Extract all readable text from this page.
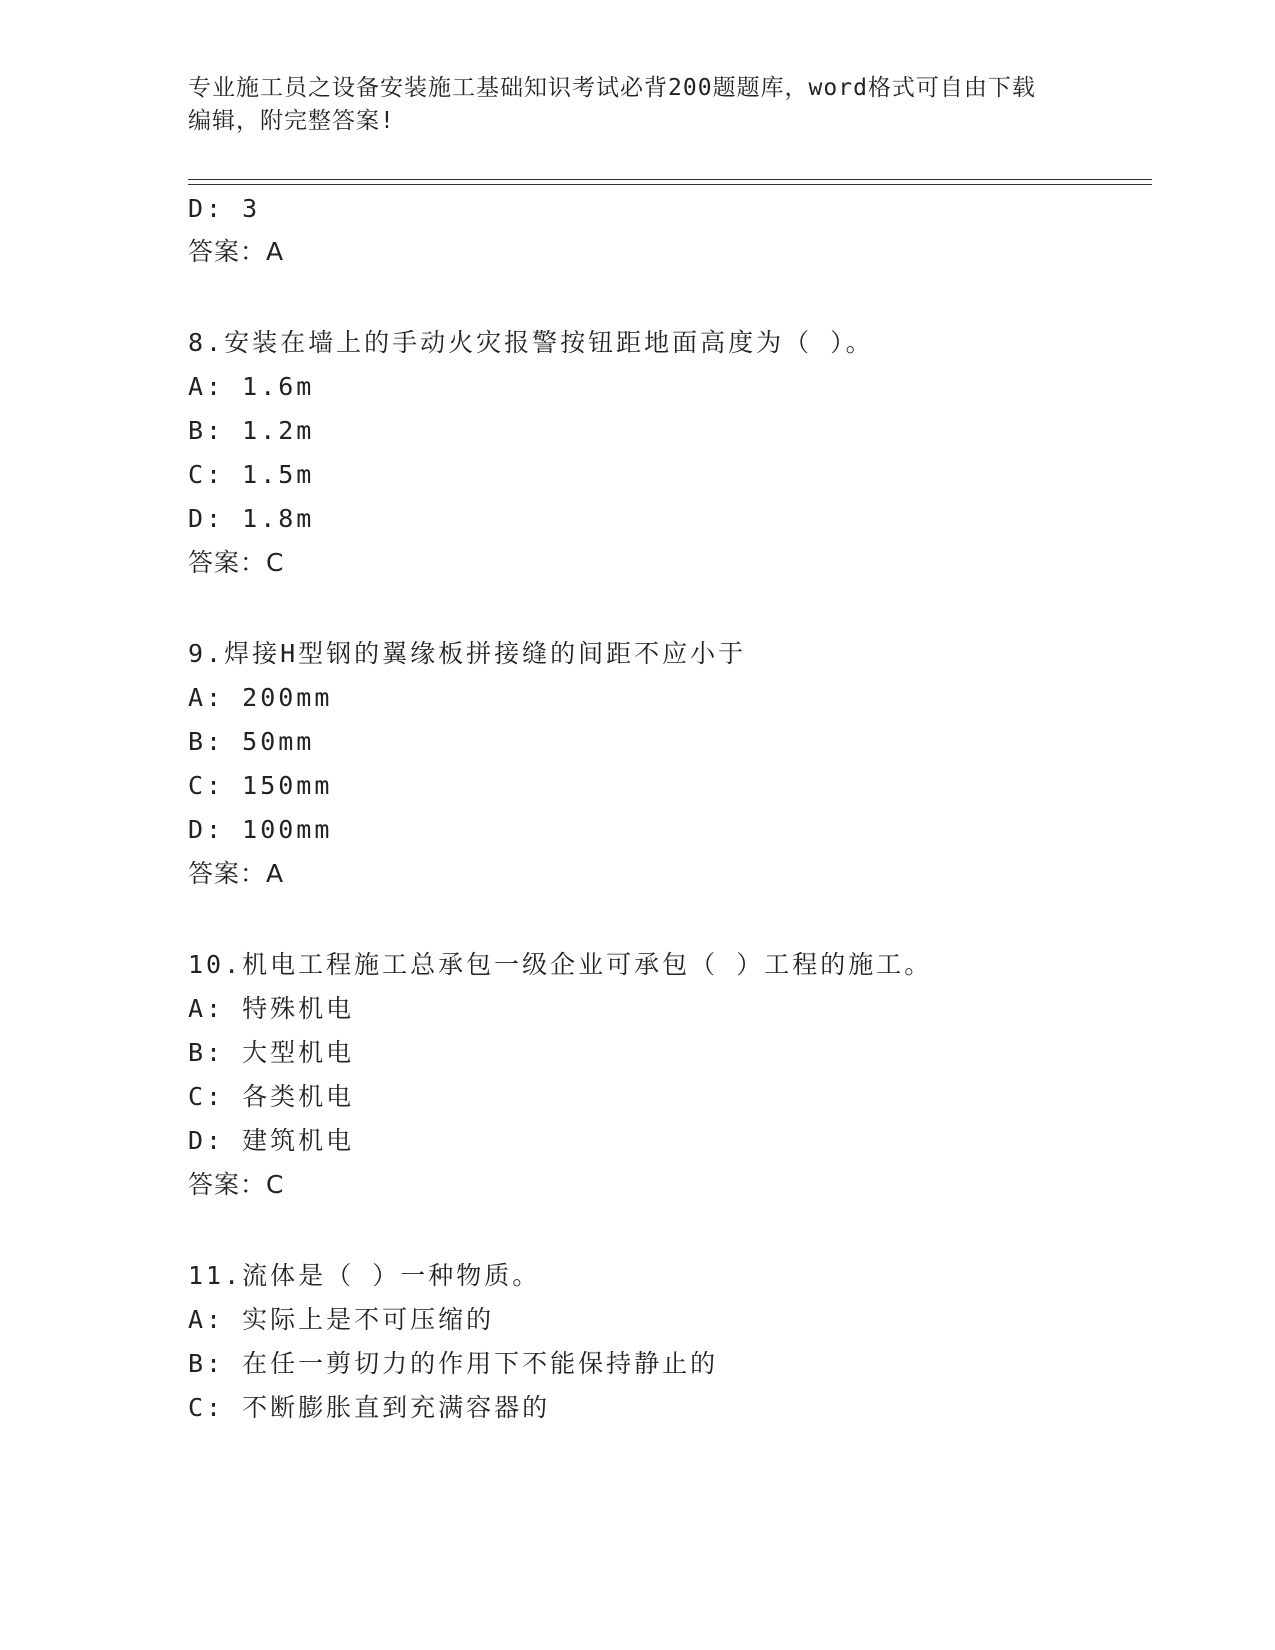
专业施工员之设备安装施工基础知识考试必背200题题库，word格式可自由下载
编辑，附完整答案!
D: 3
答案：A
8.安装在墙上的手动火灾报警按钮距地面高度为（ ）。
A: 1.6m
B: 1.2m
C: 1.5m
D: 1.8m
答案：C
9.焊接H型钢的翼缘板拼接缝的间距不应小于
A: 200mm
B: 50mm
C: 150mm
D: 100mm
答案：A
10.机电工程施工总承包一级企业可承包（ ）工程的施工。
A: 特殊机电
B: 大型机电
C: 各类机电
D: 建筑机电
答案：C
11.流体是（ ）一种物质。
A: 实际上是不可压缩的
B: 在任一剪切力的作用下不能保持静止的
C: 不断膨胀直到充满容器的
